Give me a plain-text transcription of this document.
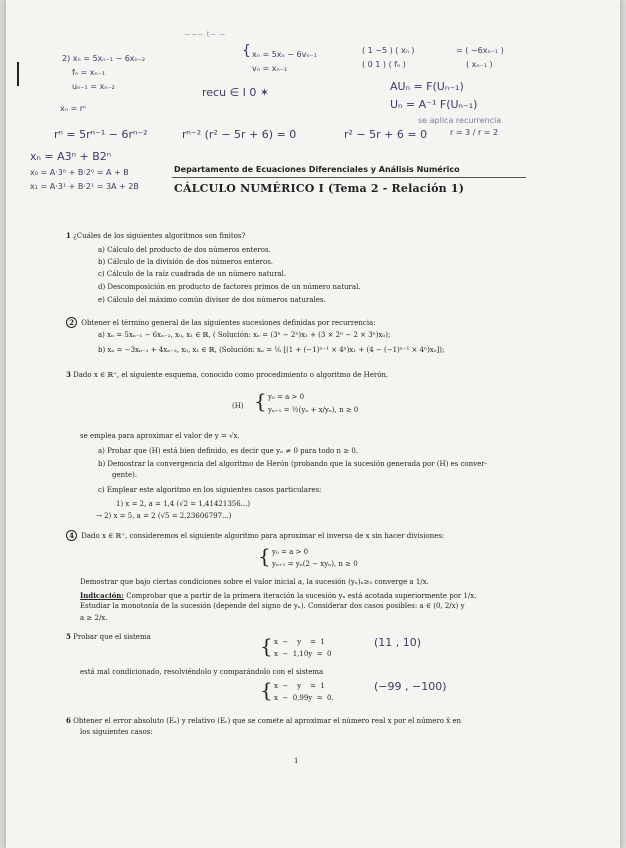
~~~ t~ ~
2) xₙ = 5xₙ₋₁ − 6xₙ₋₂
fₙ = xₙ₋₁
uₙ₋₁ = xₙ₋₂
{ xₙ = 5xₙ − 6vₙ₋₁
vₙ = xₙ₋₁
( 1 −5 ) ( xₙ )
( 0 1 ) ( fₙ )
= ( −6xₙ₋₁ )
( xₙ₋₁ )
AUₙ = F(Uₙ₋₁)
Uₙ = A⁻¹ F(Uₙ₋₁)
se aplica recurrencia
xₙ = rⁿ
recu ∈ I 0 ✶
rⁿ = 5rⁿ⁻¹ − 6rⁿ⁻²	rⁿ⁻² (r² − 5r + 6) = 0	r² − 5r + 6 = 0	r = 3 / r = 2
xₙ = A3ⁿ + B2ⁿ
x₀ = A·3⁰ + B·2⁰ = A + B
x₁ = A·3¹ + B·2¹ = 3A + 2B
Departamento de Ecuaciones Diferenciales y Análisis Numérico
CÁLCULO NUMÉRICO I (Tema 2 - Relación 1)
1 ¿Cuáles de los siguientes algoritmos son finitos?
a) Cálculo del producto de dos números enteros.
b) Cálculo de la división de dos números enteros.
c) Cálculo de la raíz cuadrada de un número natural.
d) Descomposición en producto de factores primos de un número natural.
e) Cálculo del máximo común divisor de dos números naturales.
2 Obtener el término general de las siguientes sucesiones definidas por recurrencia:
a) xₙ = 5xₙ₋₁ − 6xₙ₋₂, x₀, x₁ ∈ ℝ, ( Solución: xₙ = (3ⁿ − 2ⁿ)x₁ + (3 × 2ⁿ − 2 × 3ⁿ)x₀);
b) xₙ = −3xₙ₋₁ + 4xₙ₋₂, x₀, x₁ ∈ ℝ, (Solución: xₙ = ⅕ [(1 + (−1)ⁿ⁻¹ × 4ⁿ)x₁ + (4 − (−1)ⁿ⁻¹ × 4ⁿ)x₀]);
3 Dado x ∈ ℝ⁺, el siguiente esquema, conocido como procedimiento o algoritmo de Herón,
(H) { y₀ = a > 0
yₙ₊₁ = ½(yₙ + x/yₙ), n ≥ 0
se emplea para aproximar el valor de y = √x.
a) Probar que (H) está bien definido, es decir que yₙ ≠ 0 para todo n ≥ 0.
b) Demostrar la convergencia del algoritmo de Herón (probando que la sucesión generada por (H) es conver-
gente).
c) Emplear este algoritmo en los siguientes casos particulares:
1) x = 2, a = 1,4 (√2 = 1,41421356...)
→ 2) x = 5, a = 2 (√5 = 2,23606797...)
4 Dado x ∈ ℝ⁺, consideremos el siguiente algoritmo para aproximar el inverso de x sin hacer divisiones:
{ y₀ = a > 0
yₙ₊₁ = yₙ(2 − xyₙ), n ≥ 0
Demostrar que bajo ciertas condiciones sobre el valor inicial a, la sucesión (yₙ)ₙ≥₀ converge a 1/x.
Indicación: Comprobar que a partir de la primera iteración la sucesión yₙ está acotada superiormente por 1/x.
Estudiar la monotonía de la sucesión (depende del signo de yₙ). Considerar dos casos posibles: a ∈ (0, 2/x) y
a ≥ 2/x.
5 Probar que el sistema	{ x  −    y    =  1
x  −  1,10y  =  0
(11 , 10)
está mal condicionado, resolviéndolo y comparándolo con el sistema
{ x  −    y    =  1
x  −  0,99y  =  0.
(−99 , −100)
6 Obtener el error absoluto (Eₐ) y relativo (Eᵣ) que se comete al aproximar el número real x por el número x̄ en
los siguientes casos:
1
